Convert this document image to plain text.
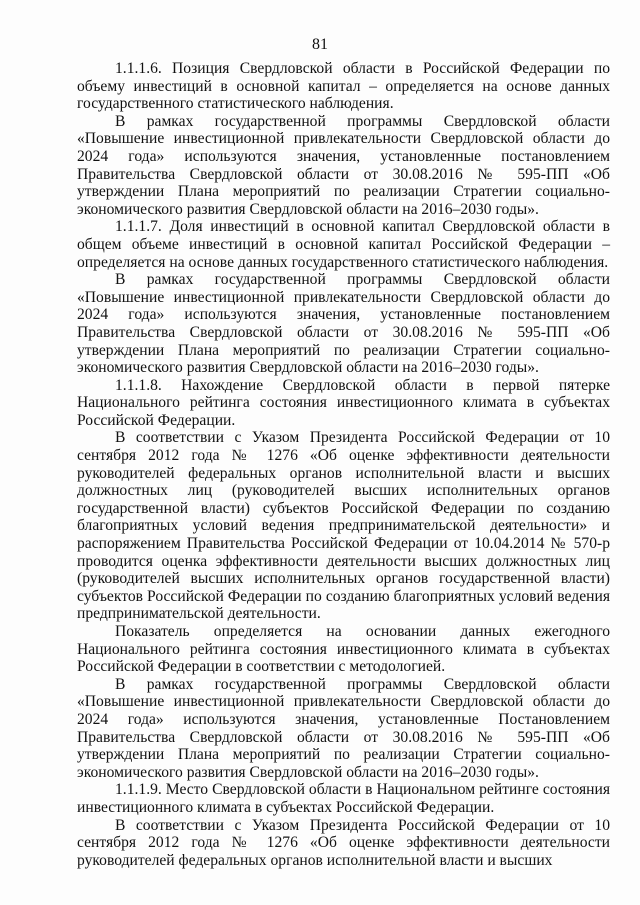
81

1.1.1.6. Позиция Свердловской области в Российской Федерации по объему инвестиций в основной капитал – определяется на основе данных государственного статистического наблюдения.

В рамках государственной программы Свердловской области «Повышение инвестиционной привлекательности Свердловской области до 2024 года» используются значения, установленные постановлением Правительства Свердловской области от 30.08.2016 № 595-ПП «Об утверждении Плана мероприятий по реализации Стратегии социально-экономического развития Свердловской области на 2016–2030 годы».

1.1.1.7. Доля инвестиций в основной капитал Свердловской области в общем объеме инвестиций в основной капитал Российской Федерации – определяется на основе данных государственного статистического наблюдения.

В рамках государственной программы Свердловской области «Повышение инвестиционной привлекательности Свердловской области до 2024 года» используются значения, установленные постановлением Правительства Свердловской области от 30.08.2016 № 595-ПП «Об утверждении Плана мероприятий по реализации Стратегии социально-экономического развития Свердловской области на 2016–2030 годы».

1.1.1.8. Нахождение Свердловской области в первой пятерке Национального рейтинга состояния инвестиционного климата в субъектах Российской Федерации.

В соответствии с Указом Президента Российской Федерации от 10 сентября 2012 года № 1276 «Об оценке эффективности деятельности руководителей федеральных органов исполнительной власти и высших должностных лиц (руководителей высших исполнительных органов государственной власти) субъектов Российской Федерации по созданию благоприятных условий ведения предпринимательской деятельности» и распоряжением Правительства Российской Федерации от 10.04.2014 № 570-р проводится оценка эффективности деятельности высших должностных лиц (руководителей высших исполнительных органов государственной власти) субъектов Российской Федерации по созданию благоприятных условий ведения предпринимательской деятельности.

Показатель определяется на основании данных ежегодного Национального рейтинга состояния инвестиционного климата в субъектах Российской Федерации в соответствии с методологией.

В рамках государственной программы Свердловской области «Повышение инвестиционной привлекательности Свердловской области до 2024 года» используются значения, установленные Постановлением Правительства Свердловской области от 30.08.2016 № 595-ПП «Об утверждении Плана мероприятий по реализации Стратегии социально-экономического развития Свердловской области на 2016–2030 годы».

1.1.1.9. Место Свердловской области в Национальном рейтинге состояния инвестиционного климата в субъектах Российской Федерации.

В соответствии с Указом Президента Российской Федерации от 10 сентября 2012 года № 1276 «Об оценке эффективности деятельности руководителей федеральных органов исполнительной власти и высших
